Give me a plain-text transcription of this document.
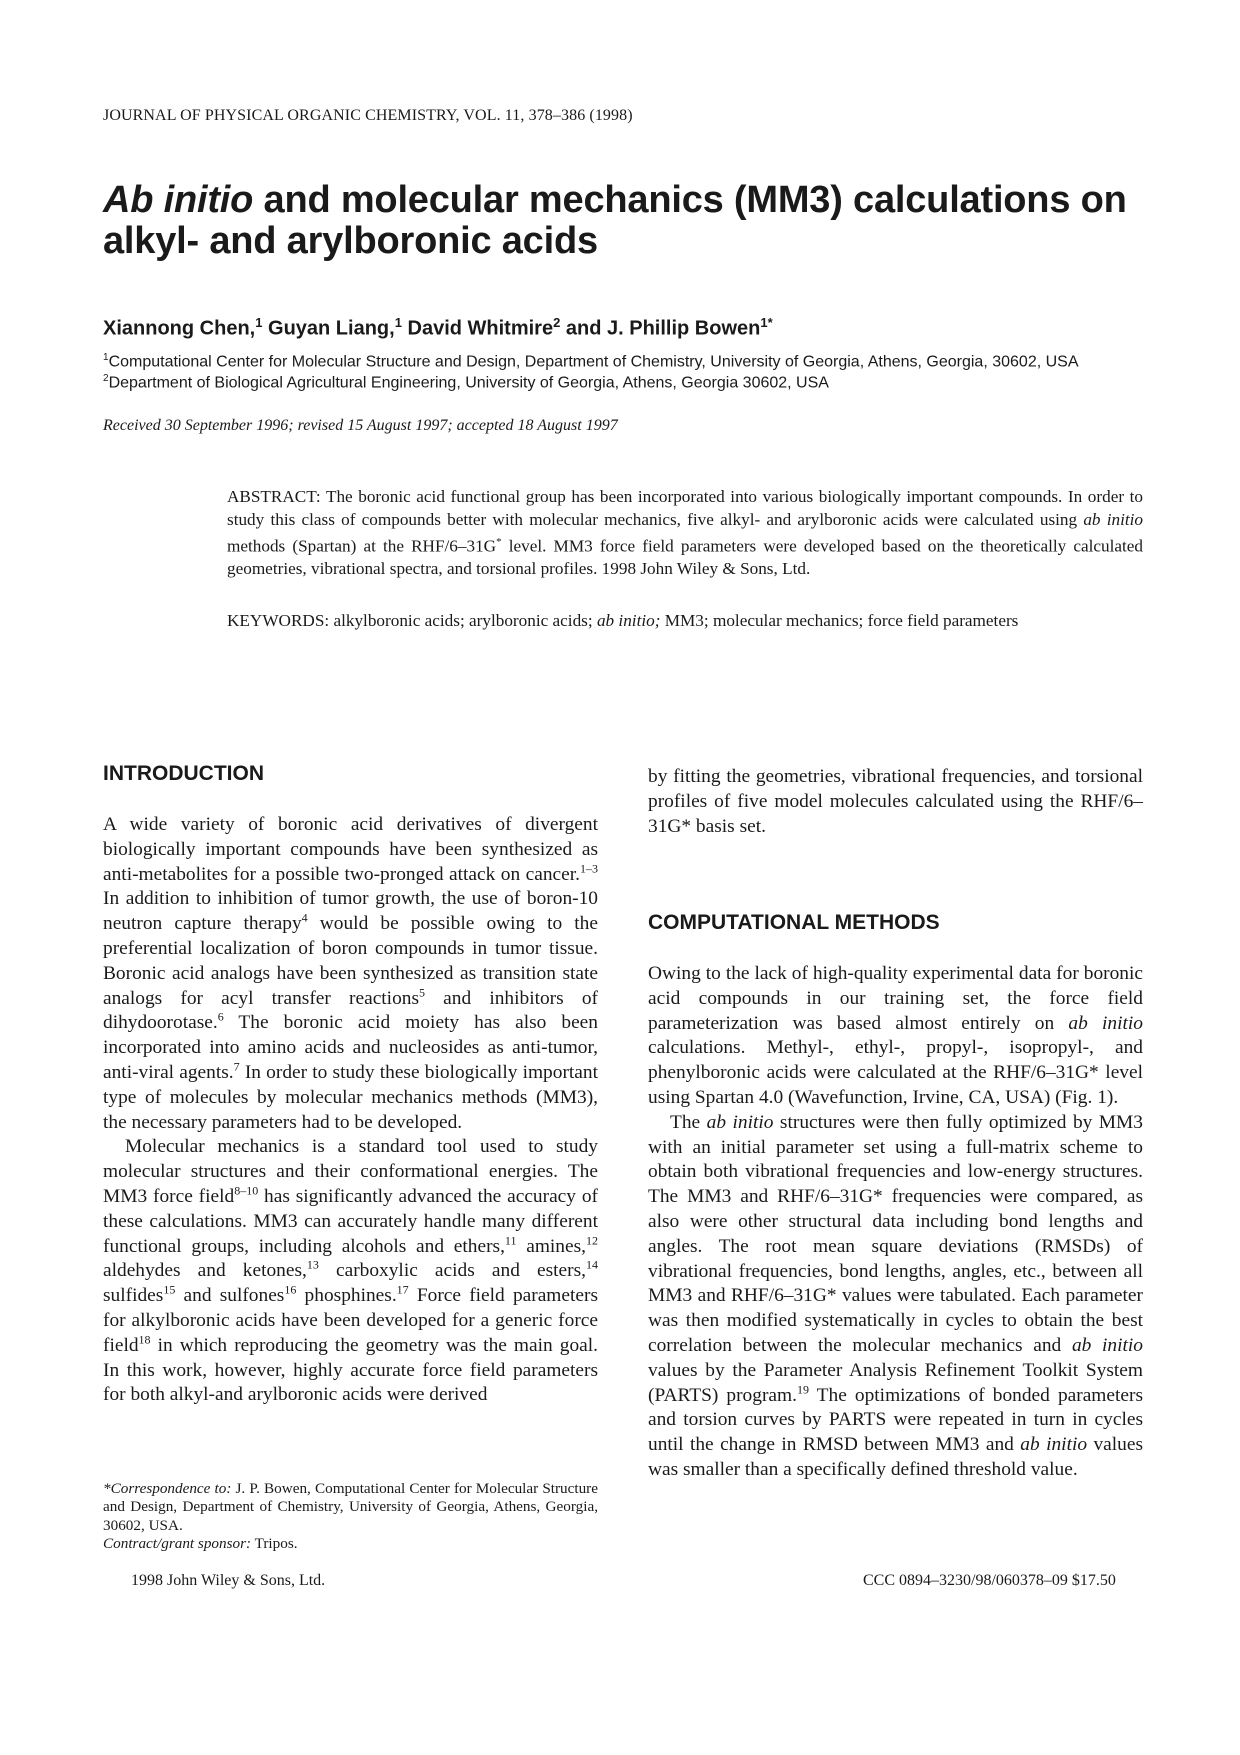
JOURNAL OF PHYSICAL ORGANIC CHEMISTRY, VOL. 11, 378–386 (1998)
Ab initio and molecular mechanics (MM3) calculations on alkyl- and arylboronic acids
Xiannong Chen,$^1$ Guyan Liang,$^1$ David Whitmire$^2$ and J. Phillip Bowen$^{1*}$
$^1$Computational Center for Molecular Structure and Design, Department of Chemistry, University of Georgia, Athens, Georgia, 30602, USA
$^2$Department of Biological Agricultural Engineering, University of Georgia, Athens, Georgia 30602, USA
Received 30 September 1996; revised 15 August 1997; accepted 18 August 1997
ABSTRACT: The boronic acid functional group has been incorporated into various biologically important compounds. In order to study this class of compounds better with molecular mechanics, five alkyl- and arylboronic acids were calculated using ab initio methods (Spartan) at the RHF/6–31G* level. MM3 force field parameters were developed based on the theoretically calculated geometries, vibrational spectra, and torsional profiles. 1998 John Wiley & Sons, Ltd.
KEYWORDS: alkylboronic acids; arylboronic acids; ab initio; MM3; molecular mechanics; force field parameters
INTRODUCTION

A wide variety of boronic acid derivatives of divergent biologically important compounds have been synthesized as anti-metabolites for a possible two-pronged attack on cancer.$^{1-3}$ In addition to inhibition of tumor growth, the use of boron-10 neutron capture therapy$^4$ would be possible owing to the preferential localization of boron compounds in tumor tissue. Boronic acid analogs have been synthesized as transition state analogs for acyl transfer reactions$^5$ and inhibitors of dihydoorotase.$^6$ The boronic acid moiety has also been incorporated into amino acids and nucleosides as anti-tumor, anti-viral agents.$^7$ In order to study these biologically important type of molecules by molecular mechanics methods (MM3), the necessary parameters had to be developed.

Molecular mechanics is a standard tool used to study molecular structures and their conformational energies. The MM3 force field$^{8-10}$ has significantly advanced the accuracy of these calculations. MM3 can accurately handle many different functional groups, including alcohols and ethers,$^{11}$ amines,$^{12}$ aldehydes and ketones,$^{13}$ carboxylic acids and esters,$^{14}$ sulfides$^{15}$ and sulfones$^{16}$ phosphines.$^{17}$ Force field parameters for alkylboronic acids have been developed for a generic force field$^{18}$ in which reproducing the geometry was the main goal. In this work, however, highly accurate force field parameters for both alkyl-and arylboronic acids were derived

by fitting the geometries, vibrational frequencies, and torsional profiles of five model molecules calculated using the RHF/6– 31G* basis set.

COMPUTATIONAL METHODS

Owing to the lack of high-quality experimental data for boronic acid compounds in our training set, the force field parameterization was based almost entirely on ab initio calculations. Methyl-, ethyl-, propyl-, isopropyl-, and phenylboronic acids were calculated at the RHF/6–31G* level using Spartan 4.0 (Wavefunction, Irvine, CA, USA) (Fig. 1).

The ab initio structures were then fully optimized by MM3 with an initial parameter set using a full-matrix scheme to obtain both vibrational frequencies and low-energy structures. The MM3 and RHF/6–31G* frequencies were compared, as also were other structural data including bond lengths and angles. The root mean square deviations (RMSDs) of vibrational frequencies, bond lengths, angles, etc., between all MM3 and RHF/6–31G* values were tabulated. Each parameter was then modified systematically in cycles to obtain the best correlation between the molecular mechanics and ab initio values by the Parameter Analysis Refinement Toolkit System (PARTS) program.$^{19}$ The optimizations of bonded parameters and torsion curves by PARTS were repeated in turn in cycles until the change in RMSD between MM3 and ab initio values was smaller than a specifically defined threshold value.

*Correspondence to: J. P. Bowen, Computational Center for Molecular Structure and Design, Department of Chemistry, University of Georgia, Athens, Georgia, 30602, USA.
Contract/grant sponsor: Tripos.
1998 John Wiley & Sons, Ltd.	CCC 0894–3230/98/060378–09 $17.50
